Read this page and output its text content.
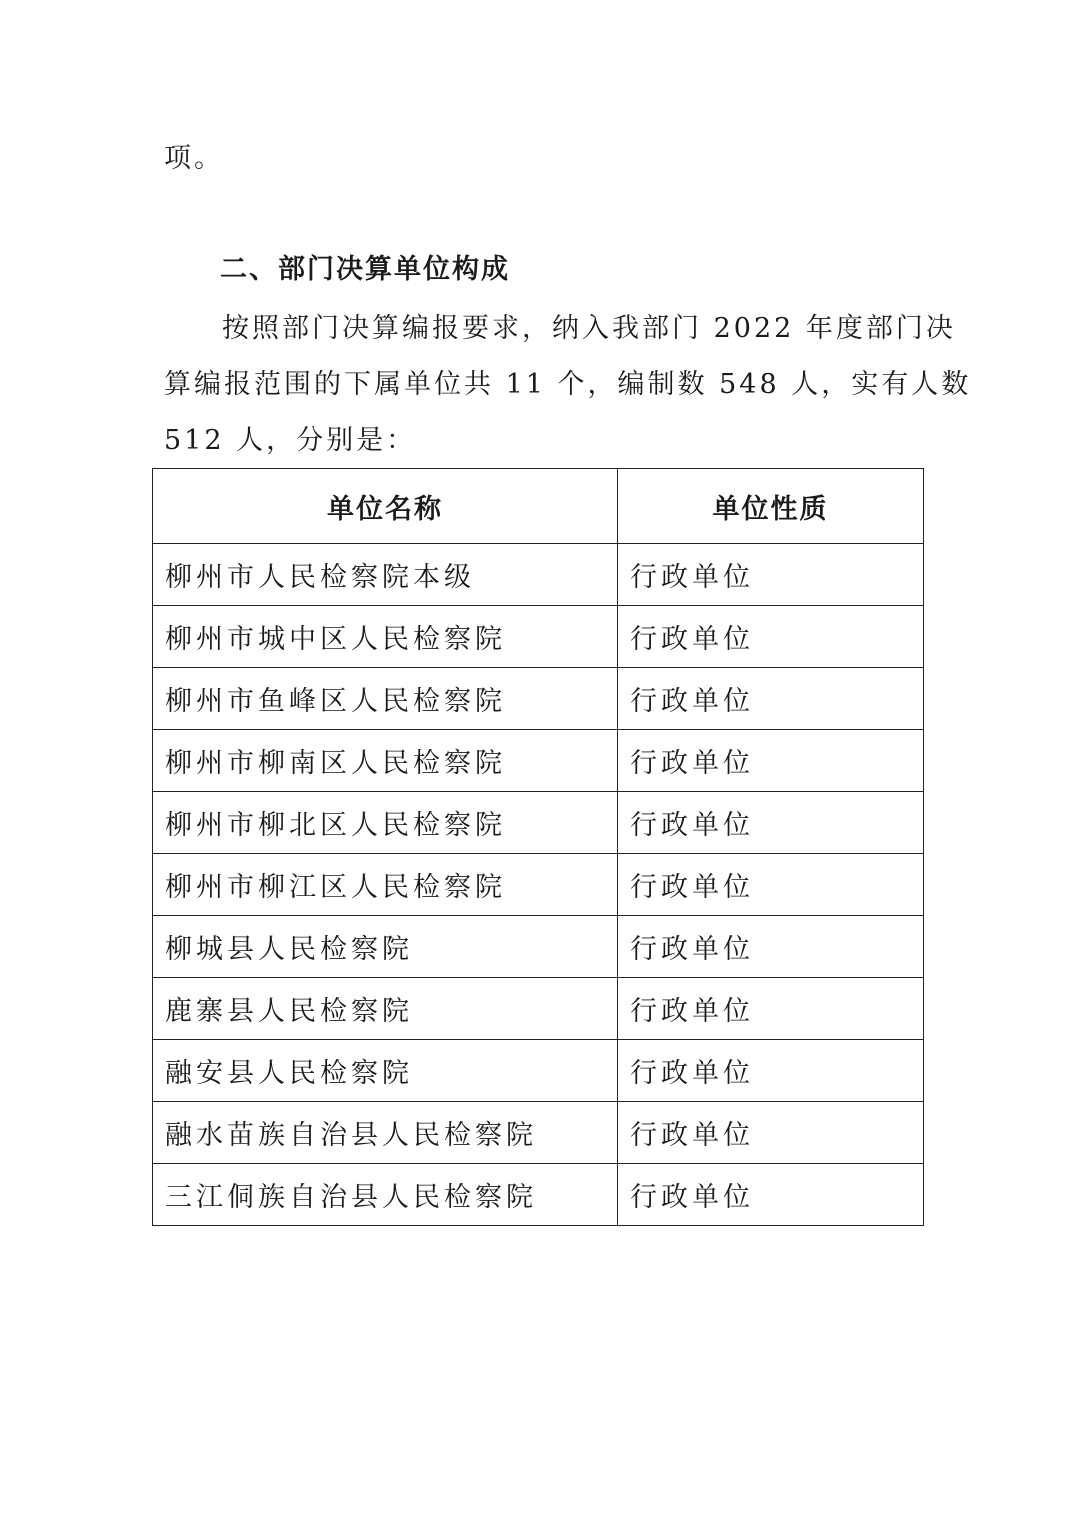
项。
二、部门决算单位构成
按照部门决算编报要求，纳入我部门 2022 年度部门决
算编报范围的下属单位共 11 个，编制数 548 人，实有人数
512 人，分别是：
单位名称	单位性质
柳州市人民检察院本级	行政单位
柳州市城中区人民检察院	行政单位
柳州市鱼峰区人民检察院	行政单位
柳州市柳南区人民检察院	行政单位
柳州市柳北区人民检察院	行政单位
柳州市柳江区人民检察院	行政单位
柳城县人民检察院	行政单位
鹿寨县人民检察院	行政单位
融安县人民检察院	行政单位
融水苗族自治县人民检察院	行政单位
三江侗族自治县人民检察院	行政单位
